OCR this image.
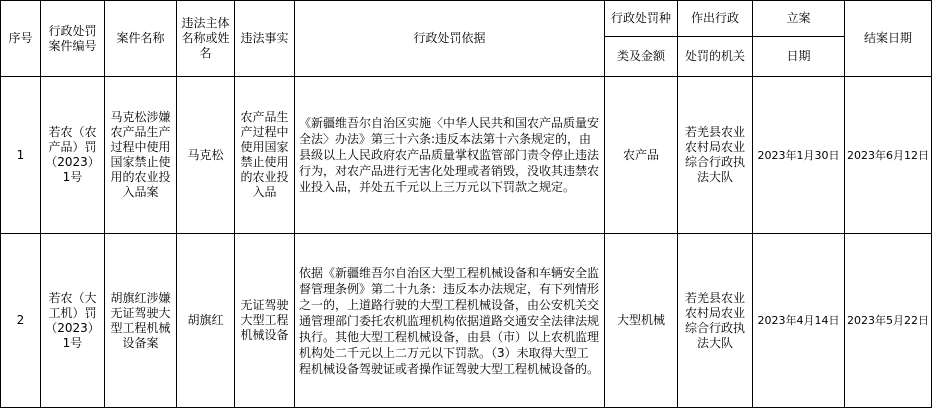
序号	行政处罚案件编号	案件名称	违法主体名称或姓名	违法事实	行政处罚依据	行政处罚种	作出行政	立案	结案日期
						类及金额	处罚的机关	日期	
1	若农（农产品）罚（2023）1号	马克松涉嫌农产品生产过程中使用国家禁止使用的农业投入品案	马克松	农产品生产过程中使用国家禁止使用的农业投入品	《新疆维吾尔自治区实施〈中华人民共和国农产品质量安全法〉办法》第三十六条:违反本法第十六条规定的，由县级以上人民政府农产品质量掌权监管部门责令停止违法行为，对农产品进行无害化处理或者销毁，没收其违禁农业投入品，并处五千元以上三万元以下罚款之规定。	农产品	若羌县农业农村局农业综合行政执法大队	2023年1月30日	2023年6月12日
2	若农（大工机）罚（2023）1号	胡旗红涉嫌无证驾驶大型工程机械设备案	胡旗红	无证驾驶大型工程机械设备	依据《新疆维吾尔自治区大型工程机械设备和车辆安全监督管理条例》第二十九条：违反本办法规定，有下列情形之一的，上道路行驶的大型工程机械设备，由公安机关交通管理部门委托农机监理机构依据道路交通安全法律法规执行。其他大型工程机械设备，由县（市）以上农机监理机构处二千元以上二万元以下罚款。（3）未取得大型工程机械设备驾驶证或者操作证驾驶大型工程机械设备的。	大型机械	若羌县农业农村局农业综合行政执法大队	2023年4月14日	2023年5月22日
